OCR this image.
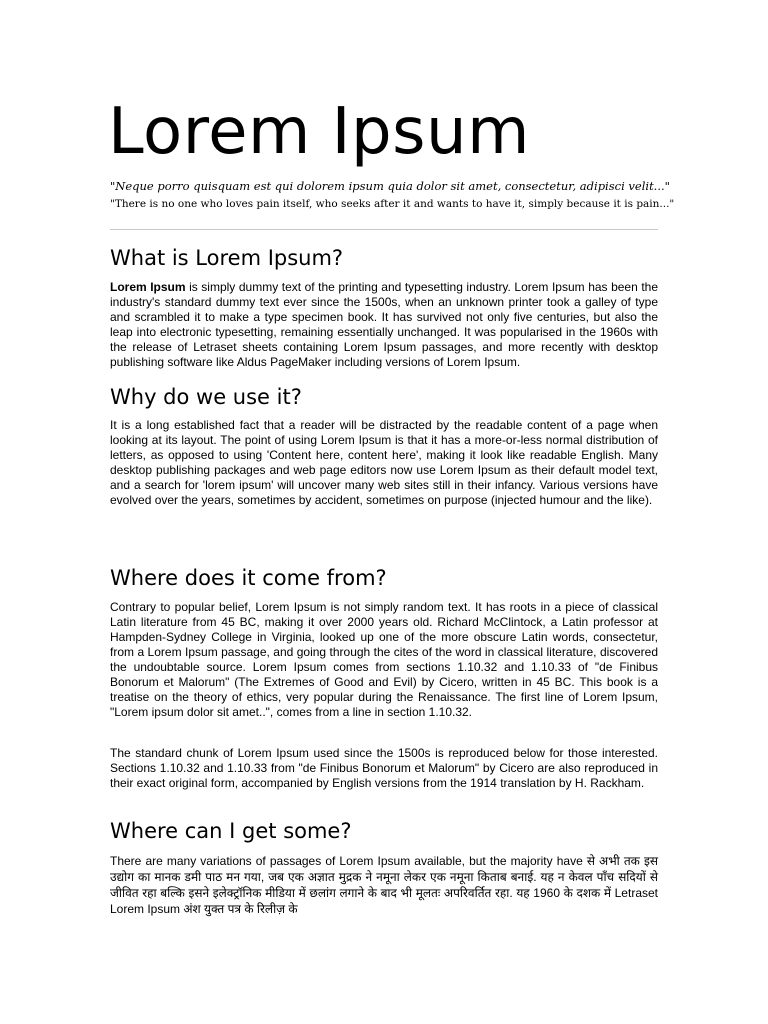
Lorem Ipsum
"Neque porro quisquam est qui dolorem ipsum quia dolor sit amet, consectetur, adipisci velit..."
"There is no one who loves pain itself, who seeks after it and wants to have it, simply because it is pain..."
What is Lorem Ipsum?

Lorem Ipsum is simply dummy text of the printing and typesetting industry. Lorem Ipsum has been the industry's standard dummy text ever since the 1500s, when an unknown printer took a galley of type and scrambled it to make a type specimen book. It has survived not only five centuries, but also the leap into electronic typesetting, remaining essentially unchanged. It was popularised in the 1960s with the release of Letraset sheets containing Lorem Ipsum passages, and more recently with desktop publishing software like Aldus PageMaker including versions of Lorem Ipsum.

Why do we use it?

It is a long established fact that a reader will be distracted by the readable content of a page when looking at its layout. The point of using Lorem Ipsum is that it has a more-or-less normal distribution of letters, as opposed to using 'Content here, content here', making it look like readable English. Many desktop publishing packages and web page editors now use Lorem Ipsum as their default model text, and a search for 'lorem ipsum' will uncover many web sites still in their infancy. Various versions have evolved over the years, sometimes by accident, sometimes on purpose (injected humour and the like).

Where does it come from?

Contrary to popular belief, Lorem Ipsum is not simply random text. It has roots in a piece of classical Latin literature from 45 BC, making it over 2000 years old. Richard McClintock, a Latin professor at Hampden-Sydney College in Virginia, looked up one of the more obscure Latin words, consectetur, from a Lorem Ipsum passage, and going through the cites of the word in classical literature, discovered the undoubtable source. Lorem Ipsum comes from sections 1.10.32 and 1.10.33 of "de Finibus Bonorum et Malorum" (The Extremes of Good and Evil) by Cicero, written in 45 BC. This book is a treatise on the theory of ethics, very popular during the Renaissance. The first line of Lorem Ipsum, "Lorem ipsum dolor sit amet..", comes from a line in section 1.10.32.

The standard chunk of Lorem Ipsum used since the 1500s is reproduced below for those interested. Sections 1.10.32 and 1.10.33 from "de Finibus Bonorum et Malorum" by Cicero are also reproduced in their exact original form, accompanied by English versions from the 1914 translation by H. Rackham.

Where can I get some?

There are many variations of passages of Lorem Ipsum available, but the majority have से अभी तक इस उद्योग का मानक डमी पाठ मन गया, जब एक अज्ञात मुद्रक ने नमूना लेकर एक नमूना किताब बनाई. यह न केवल पाँच सदियों से जीवित रहा बल्कि इसने इलेक्ट्रॉनिक मीडिया में छलांग लगाने के बाद भी मूलतः अपरिवर्तित रहा. यह 1960 के दशक में Letraset Lorem Ipsum अंश युक्त पत्र के रिलीज़ के
